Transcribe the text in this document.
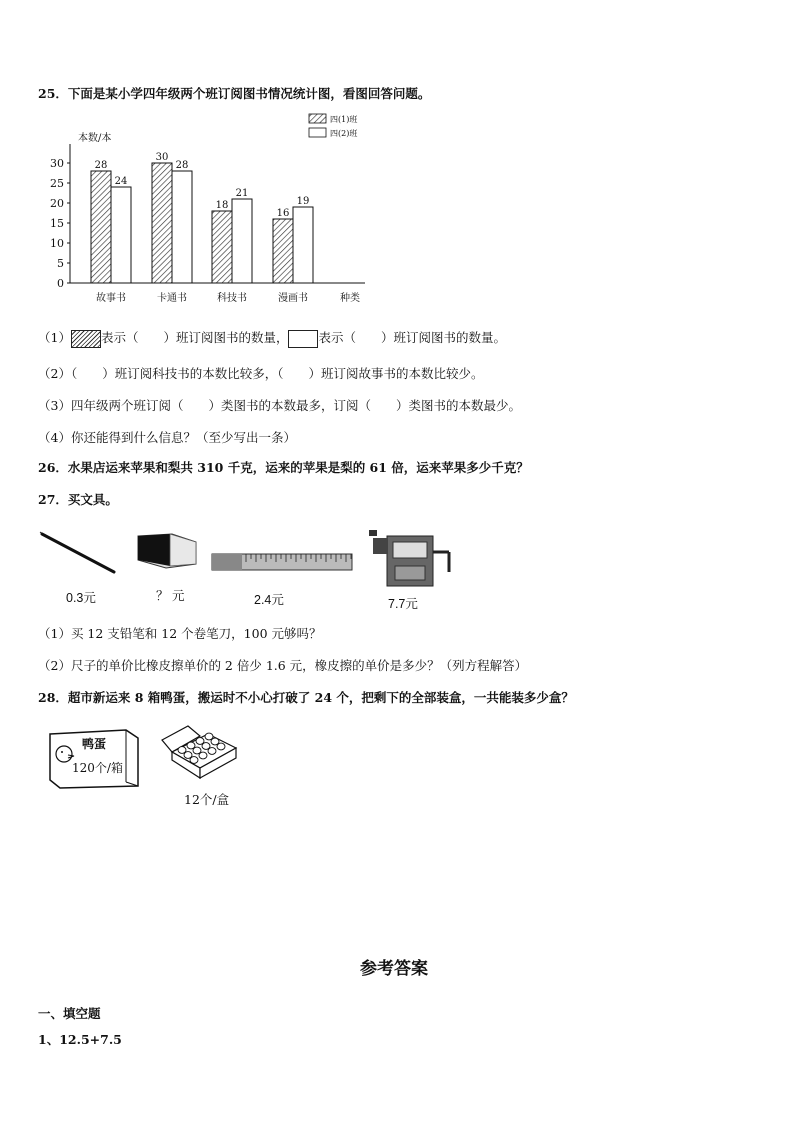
25．下面是某小学四年级两个班订阅图书情况统计图，看图回答问题。
本数/本
种类
0
5
10
15
20
25
30	28
24
故事书
30
28
卡通书
18
21
科技书
16
19
漫画书
四(1)班
四(2)班
（1） 表示（　　）班订阅图书的数量， 表示（　　）班订阅图书的数量。
（2）（　　）班订阅科技书的本数比较多，（　　）班订阅故事书的本数比较少。
（3）四年级两个班订阅（　　）类图书的本数最多，订阅（　　）类图书的本数最少。
（4）你还能得到什么信息？（至少写出一条）
26．水果店运来苹果和梨共 310 千克，运来的苹果是梨的 61 倍，运来苹果多少千克？
27．买文具。
0.3元	？ 元	2.4元	7.7元
（1）买 12 支铅笔和 12 个卷笔刀，100 元够吗？
（2）尺子的单价比橡皮擦单价的 2 倍少 1.6 元，橡皮擦的单价是多少？（列方程解答）
28．超市新运来 8 箱鸭蛋，搬运时不小心打破了 24 个，把剩下的全部装盒，一共能装多少盒？
鸭蛋
120个/箱
12个/盒
参考答案
一、填空题
1、12.5+7.5
